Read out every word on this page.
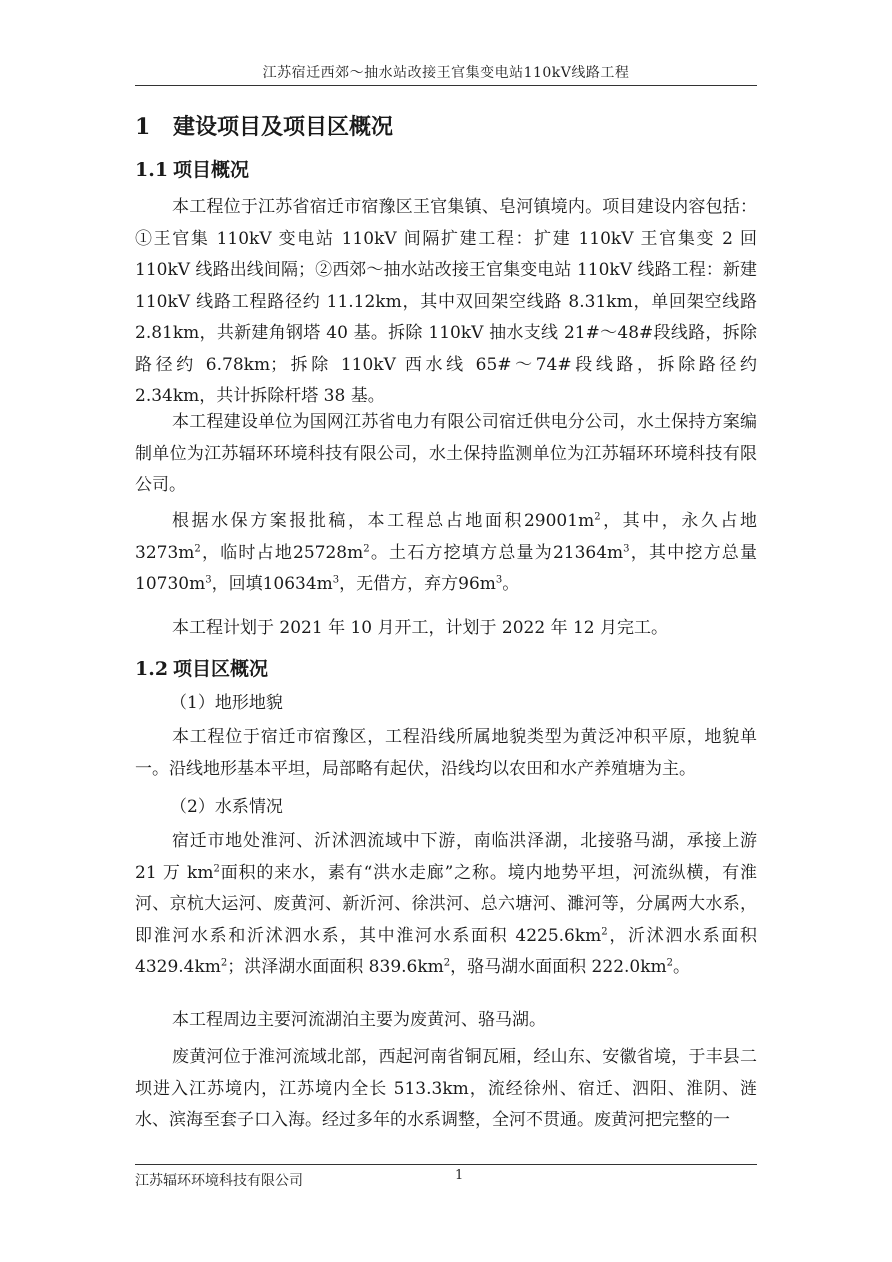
江苏宿迁西郊～抽水站改接王官集变电站110kV线路工程
1 建设项目及项目区概况
1.1 项目概况

本工程位于江苏省宿迁市宿豫区王官集镇、皂河镇境内。项目建设内容包括：①王官集 110kV 变电站 110kV 间隔扩建工程：扩建 110kV 王官集变 2 回 110kV 线路出线间隔；②西郊～抽水站改接王官集变电站 110kV 线路工程：新建 110kV 线路工程路径约 11.12km，其中双回架空线路 8.31km，单回架空线路 2.81km，共新建角钢塔 40 基。拆除 110kV 抽水支线 21#～48#段线路，拆除路径约 6.78km；拆除 110kV 西水线 65#～74#段线路，拆除路径约 2.34km，共计拆除杆塔 38 基。

本工程建设单位为国网江苏省电力有限公司宿迁供电分公司，水土保持方案编制单位为江苏辐环环境科技有限公司，水土保持监测单位为江苏辐环环境科技有限公司。

根据水保方案报批稿，本工程总占地面积$29001m^2$，其中，永久占地$3273m^2$，临时占地$25728m^2$。土石方挖填方总量为$21364m^3$，其中挖方总量$10730m^3$，回填$10634m^3$，无借方，弃方$96m^3$。

本工程计划于 2021 年 10 月开工，计划于 2022 年 12 月完工。

1.2 项目区概况
（1）地形地貌

本工程位于宿迁市宿豫区，工程沿线所属地貌类型为黄泛冲积平原，地貌单一。沿线地形基本平坦，局部略有起伏，沿线均以农田和水产养殖塘为主。

（2）水系情况

宿迁市地处淮河、沂沭泗流域中下游，南临洪泽湖，北接骆马湖，承接上游 21 万 $km^2$面积的来水，素有“洪水走廊”之称。境内地势平坦，河流纵横，有淮河、京杭大运河、废黄河、新沂河、徐洪河、总六塘河、濉河等，分属两大水系，即淮河水系和沂沭泗水系，其中淮河水系面积 $4225.6km^2$，沂沭泗水系面积 $4329.4km^2$；洪泽湖水面面积 $839.6km^2$，骆马湖水面面积 $222.0km^2$。

本工程周边主要河流湖泊主要为废黄河、骆马湖。

废黄河位于淮河流域北部，西起河南省铜瓦厢，经山东、安徽省境，于丰县二坝进入江苏境内，江苏境内全长 513.3km，流经徐州、宿迁、泗阳、淮阴、涟水、滨海至套子口入海。经过多年的水系调整，全河不贯通。废黄河把完整的一

江苏辐环环境科技有限公司	1
